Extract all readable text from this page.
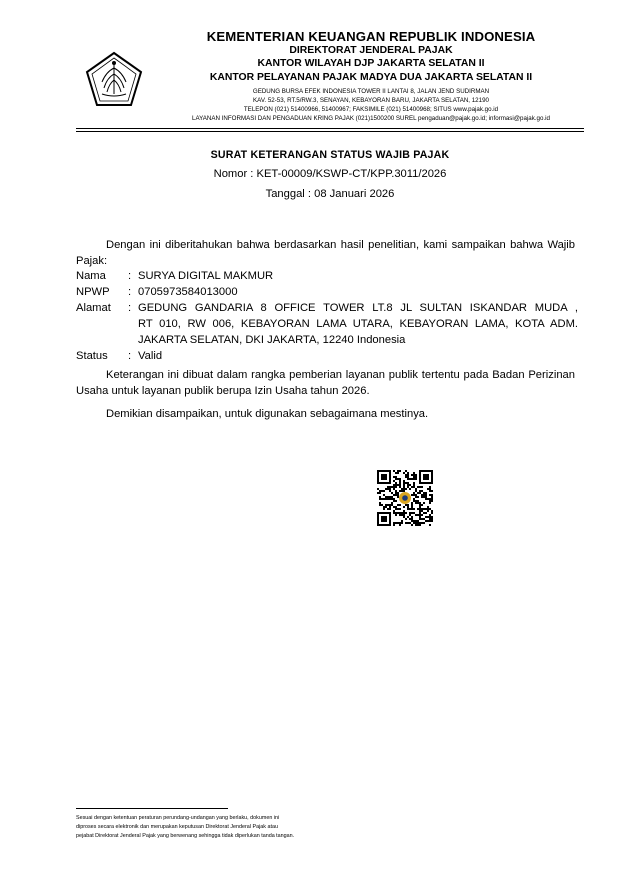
KEMENTERIAN KEUANGAN REPUBLIK INDONESIA
DIREKTORAT JENDERAL PAJAK
KANTOR WILAYAH DJP JAKARTA SELATAN II
KANTOR PELAYANAN PAJAK MADYA DUA JAKARTA SELATAN II
GEDUNG BURSA EFEK INDONESIA TOWER II LANTAI 8, JALAN JEND SUDIRMAN
KAV. 52-53, RT.5/RW.3, SENAYAN, KEBAYORAN BARU, JAKARTA SELATAN, 12190
TELEPON (021) 51400966, 51400967; FAKSIMILE (021) 51400968; SITUS www.pajak.go.id
LAYANAN INFORMASI DAN PENGADUAN KRING PAJAK (021)1500200 SUREL pengaduan@pajak.go.id; informasi@pajak.go.id
SURAT KETERANGAN STATUS WAJIB PAJAK
Nomor : KET-00009/KSWP-CT/KPP.3011/2026
Tanggal : 08 Januari 2026
Dengan ini diberitahukan bahwa berdasarkan hasil penelitian, kami sampaikan bahwa Wajib Pajak:
Nama	: SURYA DIGITAL MAKMUR
NPWP	: 0705973584013000
Alamat	: GEDUNG GANDARIA 8 OFFICE TOWER LT.8 JL SULTAN ISKANDAR MUDA ,
RT 010, RW 006, KEBAYORAN LAMA UTARA, KEBAYORAN LAMA, KOTA ADM.
JAKARTA SELATAN, DKI JAKARTA, 12240 Indonesia
Status	: Valid
Keterangan ini dibuat dalam rangka pemberian layanan publik tertentu pada Badan Perizinan Usaha untuk layanan publik berupa Izin Usaha tahun 2026.
Demikian disampaikan, untuk digunakan sebagaimana mestinya.
Sesuai dengan ketentuan peraturan perundang-undangan yang berlaku, dokumen ini
diproses secara elektronik dan merupakan keputusan Direktorat Jenderal Pajak atau
pejabat Direktorat Jenderal Pajak yang berwenang sehingga tidak diperlukan tanda tangan.
